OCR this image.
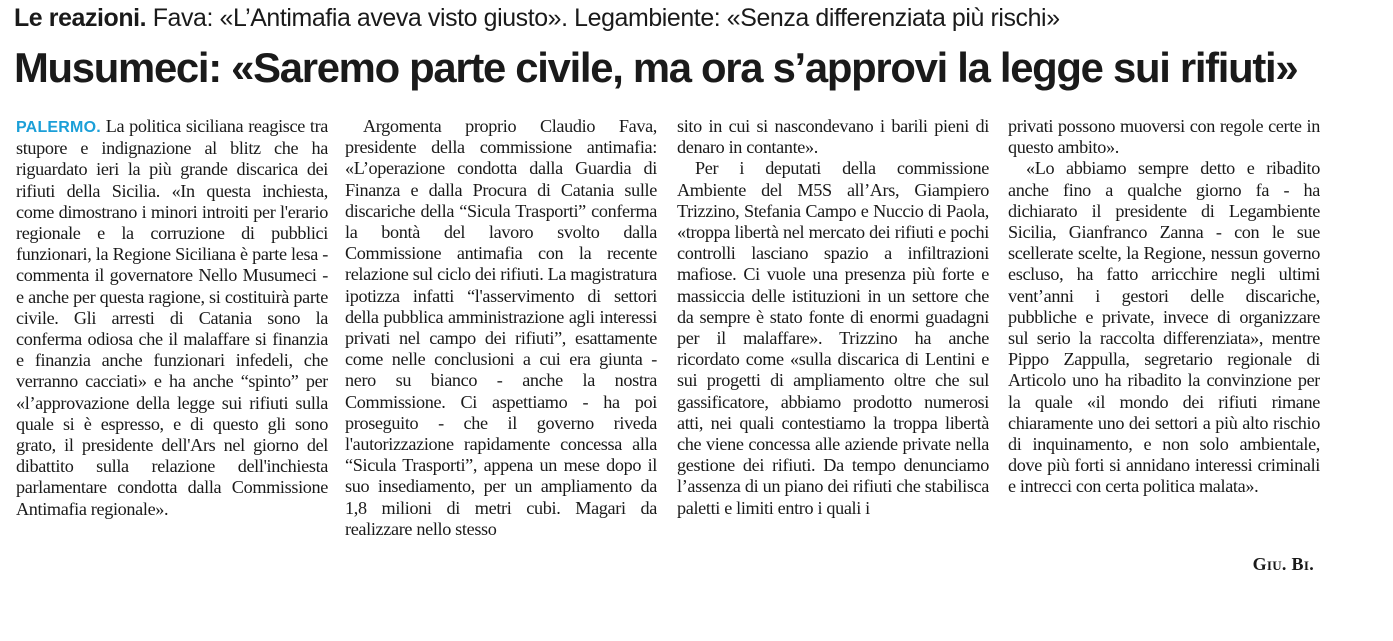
Le reazioni. Fava: «L’Antimafia aveva visto giusto». Legambiente: «Senza differenziata più rischi»
Musumeci: «Saremo parte civile, ma ora s’approvi la legge sui rifiuti»

PALERMO. La politica siciliana reagisce tra stupore e indignazione al blitz che ha riguardato ieri la più grande discarica dei rifiuti della Sicilia. «In questa inchiesta, come dimostrano i minori introiti per l'erario regionale e la corruzione di pubblici funzionari, la Regione Siciliana è parte lesa - commenta il governatore Nello Musumeci - e anche per questa ragione, si costituirà parte civile. Gli arresti di Catania sono la conferma odiosa che il malaffare si finanzia e finanzia anche funzionari infedeli, che verranno cacciati» e ha anche “spinto” per «l’approvazione della legge sui rifiuti sulla quale si è espresso, e di questo gli sono grato, il presidente dell'Ars nel giorno del dibattito sulla relazione dell'inchiesta parlamentare condotta dalla Commissione Antimafia regionale».

Argomenta proprio Claudio Fava, presidente della commissione antimafia: «L’operazione condotta dalla Guardia di Finanza e dalla Procura di Catania sulle discariche della “Sicula Trasporti” conferma la bontà del lavoro svolto dalla Commissione antimafia con la recente relazione sul ciclo dei rifiuti. La magistratura ipotizza infatti “l'asservimento di settori della pubblica amministrazione agli interessi privati nel campo dei rifiuti”, esattamente come nelle conclusioni a cui era giunta - nero su bianco - anche la nostra Commissione. Ci aspettiamo - ha poi proseguito - che il governo riveda l'autorizzazione rapidamente concessa alla “Sicula Trasporti”, appena un mese dopo il suo insediamento, per un ampliamento da 1,8 milioni di metri cubi. Magari da realizzare nello stesso

sito in cui si nascondevano i barili pieni di denaro in contante».

Per i deputati della commissione Ambiente del M5S all’Ars, Giampiero Trizzino, Stefania Campo e Nuccio di Paola, «troppa libertà nel mercato dei rifiuti e pochi controlli lasciano spazio a infiltrazioni mafiose. Ci vuole una presenza più forte e massiccia delle istituzioni in un settore che da sempre è stato fonte di enormi guadagni per il malaffare». Trizzino ha anche ricordato come «sulla discarica di Lentini e sui progetti di ampliamento oltre che sul gassificatore, abbiamo prodotto numerosi atti, nei quali contestiamo la troppa libertà che viene concessa alle aziende private nella gestione dei rifiuti. Da tempo denunciamo l’assenza di un piano dei rifiuti che stabilisca paletti e limiti entro i quali i

privati possono muoversi con regole certe in questo ambito».

«Lo abbiamo sempre detto e ribadito anche fino a qualche giorno fa - ha dichiarato il presidente di Legambiente Sicilia, Gianfranco Zanna - con le sue scellerate scelte, la Regione, nessun governo escluso, ha fatto arricchire negli ultimi vent’anni i gestori delle discariche, pubbliche e private, invece di organizzare sul serio la raccolta differenziata», mentre Pippo Zappulla, segretario regionale di Articolo uno ha ribadito la convinzione per la quale «il mondo dei rifiuti rimane chiaramente uno dei settori a più alto rischio di inquinamento, e non solo ambientale, dove più forti si annidano interessi criminali e intrecci con certa politica malata».

Giu. Bi.
